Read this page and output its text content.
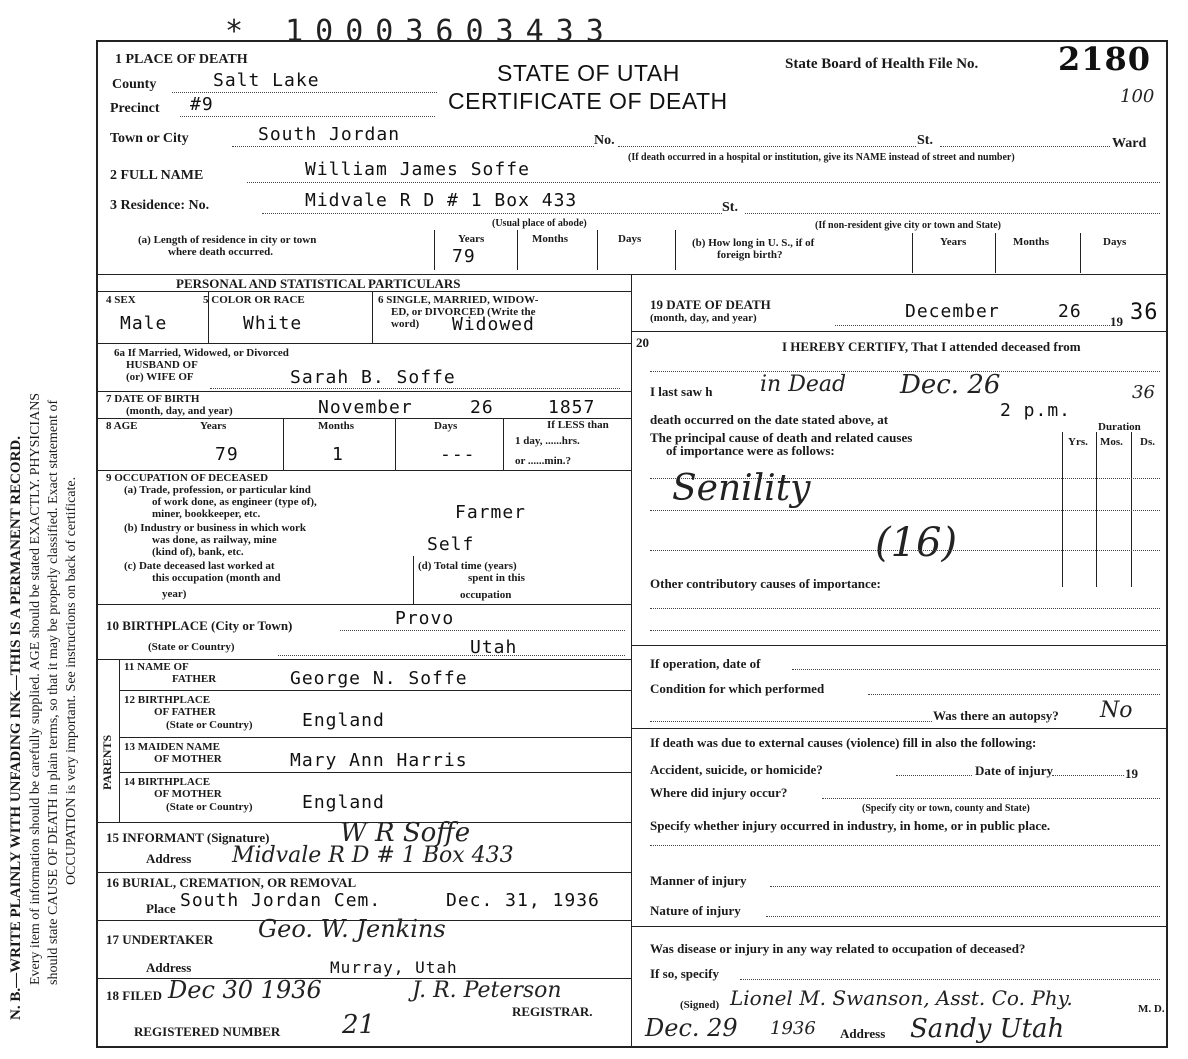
N. B.—WRITE PLAINLY WITH UNFADING INK—THIS IS A PERMANENT RECORD. Every item of information should be carefully supplied. AGE should be stated EXACTLY. PHYSICIANS should state CAUSE OF DEATH in plain terms, so that it may be properly classified. Exact statement of OCCUPATION is very important. See instructions on back of certificate.
* 10003603433
1 PLACE OF DEATH
STATE OF UTAH
CERTIFICATE OF DEATH
State Board of Health File No. 2180
100
County	Salt Lake
Precinct #9
Town or City	South Jordan	No.	St.	Ward
(If death occurred in a hospital or institution, give its NAME instead of street and number)
2 FULL NAME	William James Soffe
3 Residence: No.	Midvale R D # 1 Box 433	St.
(Usual place of abode)	(If non-resident give city or town and State)
(a) Length of residence in city or town
where death occurred.
Years	Months	Days
79
(b) How long in U. S., if of
foreign birth?
Years	Months	Days
PERSONAL AND STATISTICAL PARTICULARS
4 SEX
Male
5 COLOR OR RACE
White
6 SINGLE, MARRIED, WIDOW-
ED, or DIVORCED (Write the
word) Widowed
6a If Married, Widowed, or Divorced
HUSBAND OF
(or) WIFE OF	Sarah B. Soffe
7 DATE OF BIRTH
(month, day, and year)	November	26	1857
8 AGE	Years	Months	Days
79	1	---
If LESS than
1 day, ......hrs.
or ......min.?
9 OCCUPATION OF DECEASED
(a) Trade, profession, or particular kind
of work done, as engineer (type of),
miner, bookkeeper, etc.	Farmer
(b) Industry or business in which work
was done, as railway, mine
(kind of), bank, etc.	Self
(c) Date deceased last worked at
this occupation (month and
year)
(d) Total time (years)
spent in this
occupation
10 BIRTHPLACE (City or Town)	Provo
(State or Country)	Utah
PARENTS
11 NAME OF
FATHER	George N. Soffe
12 BIRTHPLACE
OF FATHER
(State or Country)	England
13 MAIDEN NAME
OF MOTHER	Mary Ann Harris
14 BIRTHPLACE
OF MOTHER
(State or Country)	England
15 INFORMANT (Signature)	W R Soffe
Address Midvale R D # 1 Box 433
16 BURIAL, CREMATION, OR REMOVAL
Place South Jordan Cem.	Dec. 31, 1936
17 UNDERTAKER Geo. W. Jenkins
Address	Murray, Utah
18 FILED Dec 30 1936	J. R. Peterson
REGISTRAR.
REGISTERED NUMBER 21
19 DATE OF DEATH
(month, day, and year)	December	26 19 36
20	I HEREBY CERTIFY, That I attended deceased from
I last saw h in Dead Dec. 26	36
death occurred on the date stated above, at	2 p.m.
The principal cause of death and related causes
of importance were as follows:
Duration
Yrs. Mos. Ds.
Senility
(16)
Other contributory causes of importance:
If operation, date of
Condition for which performed
Was there an autopsy? No
If death was due to external causes (violence) fill in also the following:
Accident, suicide, or homicide?	Date of injury	19
Where did injury occur?
(Specify city or town, county and State)
Specify whether injury occurred in industry, in home, or in public place.
Manner of injury
Nature of injury
Was disease or injury in any way related to occupation of deceased?
If so, specify
(Signed) Lionel M. Swanson, Asst. Co. Phy.	M. D.
Dec. 29 1936 Address Sandy Utah
